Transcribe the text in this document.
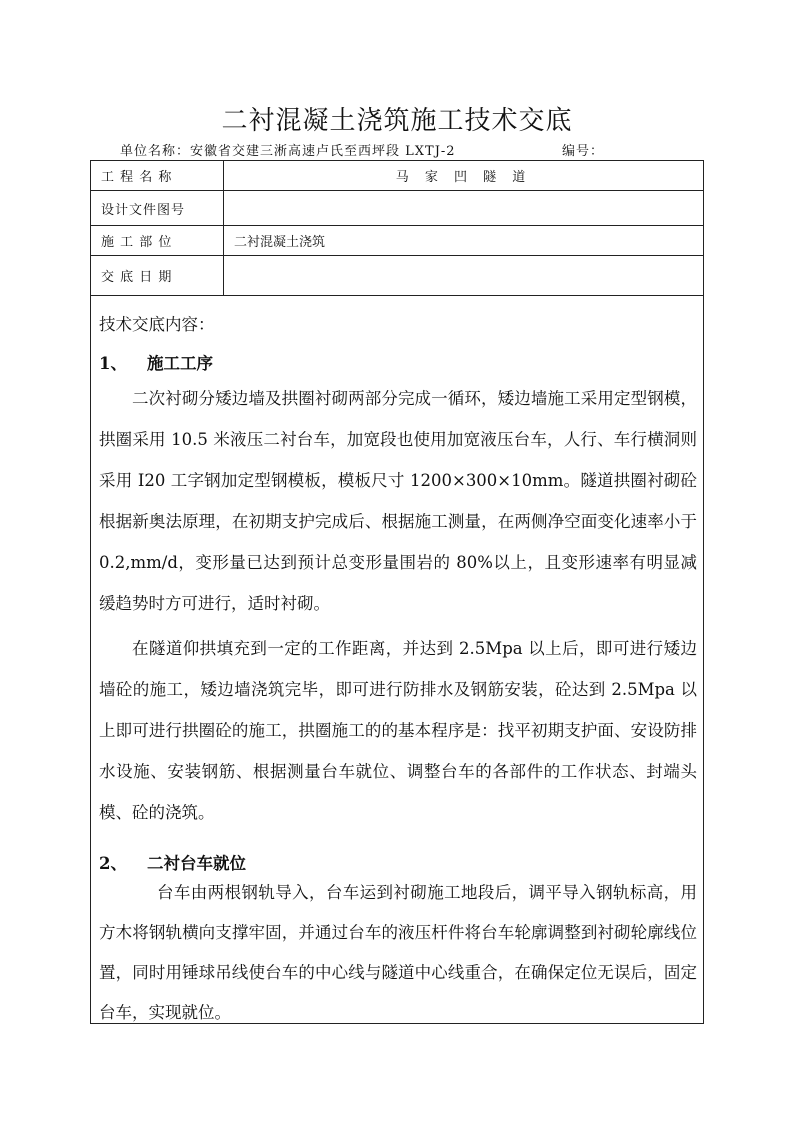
二衬混凝土浇筑施工技术交底
单位名称：安徽省交建三淅高速卢氏至西坪段 LXTJ-2	编号：
工 程 名 称	马 家 凹 隧 道
设计文件图号	
施 工 部 位	二衬混凝土浇筑
交 底 日 期	
技术交底内容：
1、 施工工序
二次衬砌分矮边墙及拱圈衬砌两部分完成一循环，矮边墙施工采用定型钢模，拱圈采用 10.5 米液压二衬台车，加宽段也使用加宽液压台车，人行、车行横洞则采用 I20 工字钢加定型钢模板，模板尺寸 1200×300×10mm。隧道拱圈衬砌砼根据新奥法原理，在初期支护完成后、根据施工测量，在两侧净空面变化速率小于 0.2,mm/d，变形量已达到预计总变形量围岩的 80%以上，且变形速率有明显减缓趋势时方可进行，适时衬砌。
在隧道仰拱填充到一定的工作距离，并达到 2.5Mpa 以上后，即可进行矮边墙砼的施工，矮边墙浇筑完毕，即可进行防排水及钢筋安装，砼达到 2.5Mpa 以上即可进行拱圈砼的施工，拱圈施工的的基本程序是：找平初期支护面、安设防排水设施、安装钢筋、根据测量台车就位、调整台车的各部件的工作状态、封端头模、砼的浇筑。
2、 二衬台车就位
台车由两根钢轨导入，台车运到衬砌施工地段后，调平导入钢轨标高，用方木将钢轨横向支撑牢固，并通过台车的液压杆件将台车轮廓调整到衬砌轮廓线位置，同时用锤球吊线使台车的中心线与隧道中心线重合，在确保定位无误后，固定台车，实现就位。
